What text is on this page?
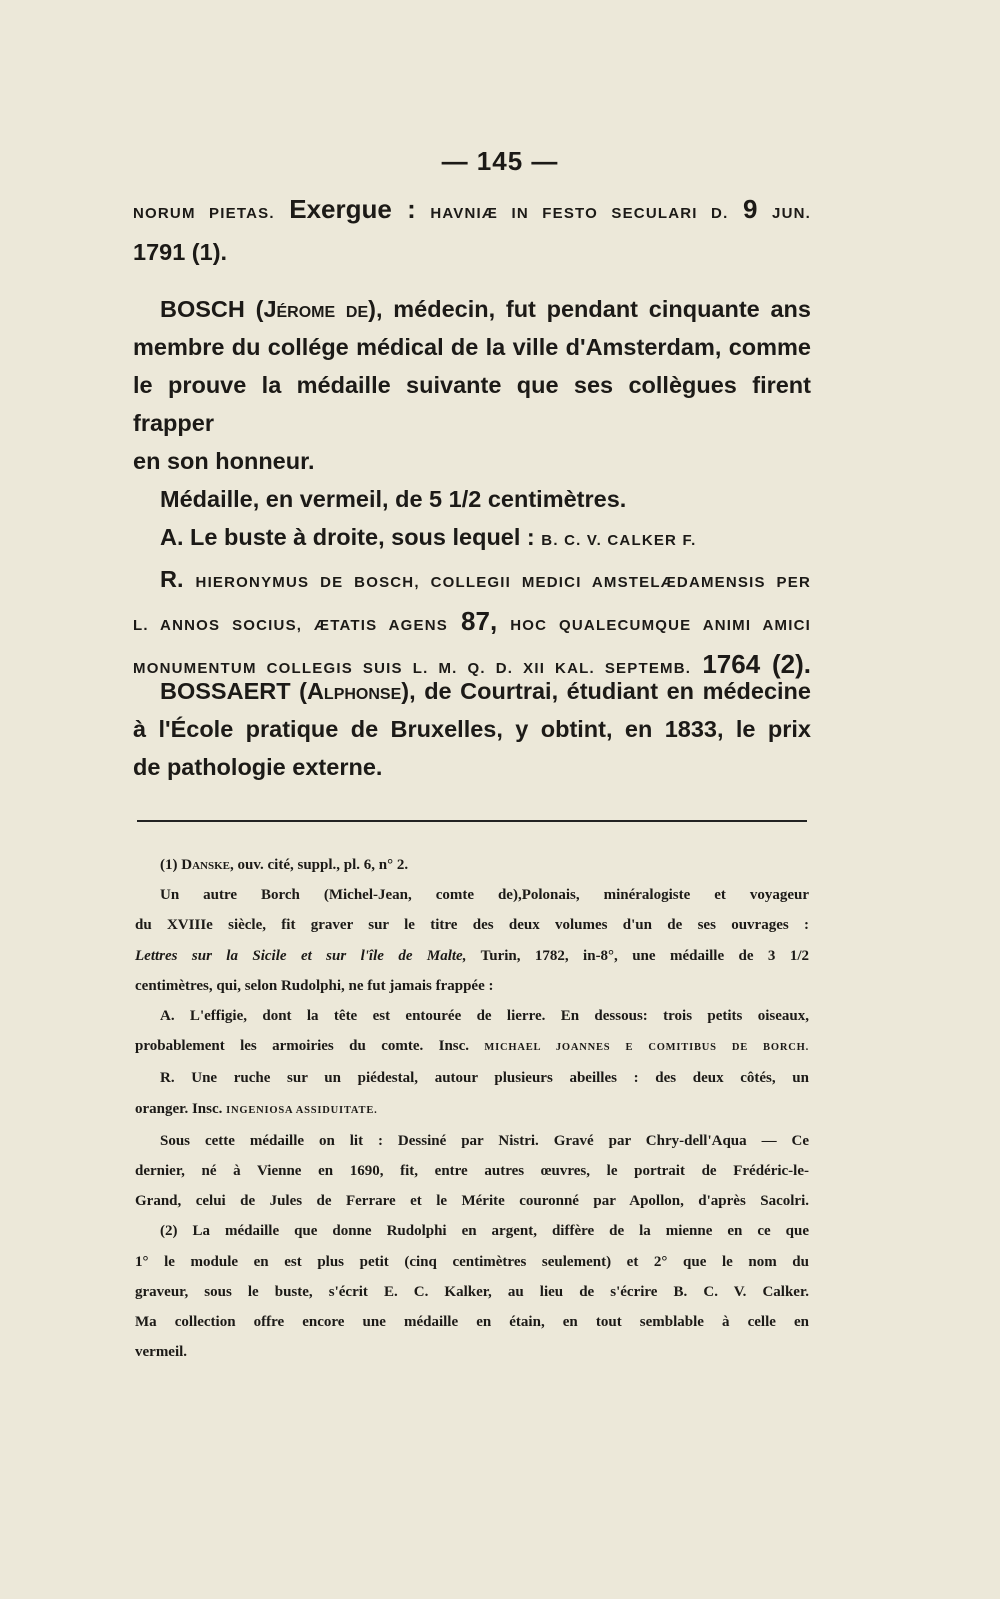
— 145 —

NORUM PIETAS. Exergue : HAVNIÆ IN FESTO SECULARI D. 9 JUN.

1791 (1).

BOSCH (Jérome de), médecin, fut pendant cinquante ans

membre du collége médical de la ville d'Amsterdam, comme

le prouve la médaille suivante que ses collègues firent frapper

en son honneur.

Médaille, en vermeil, de 5 1/2 centimètres.

A. Le buste à droite, sous lequel : B. C. V. CALKER F.

R. HIERONYMUS DE BOSCH, COLLEGII MEDICI AMSTELÆDAMENSIS PER

L. ANNOS SOCIUS, ÆTATIS AGENS 87, HOC QUALECUMQUE ANIMI AMICI

MONUMENTUM COLLEGIS SUIS L. M. Q. D. XII KAL. SEPTEMB. 1764 (2).

BOSSAERT (Alphonse), de Courtrai, étudiant en médecine

à l'École pratique de Bruxelles, y obtint, en 1833, le prix

de pathologie externe.

(1) Danske, ouv. cité, suppl., pl. 6, n° 2.

Un autre Borch (Michel-Jean, comte de),Polonais, minéralogiste et voyageur

du XVIIIe siècle, fit graver sur le titre des deux volumes d'un de ses ouvrages :

Lettres sur la Sicile et sur l'île de Malte, Turin, 1782, in-8°, une médaille de 3 1/2

centimètres, qui, selon Rudolphi, ne fut jamais frappée :

A. L'effigie, dont la tête est entourée de lierre. En dessous: trois petits oiseaux,

probablement les armoiries du comte. Insc. MICHAEL JOANNES E COMITIBUS DE BORCH.

R. Une ruche sur un piédestal, autour plusieurs abeilles : des deux côtés, un

oranger. Insc. INGENIOSA ASSIDUITATE.

Sous cette médaille on lit : Dessiné par Nistri. Gravé par Chry-dell'Aqua — Ce

dernier, né à Vienne en 1690, fit, entre autres œuvres, le portrait de Frédéric-le-

Grand, celui de Jules de Ferrare et le Mérite couronné par Apollon, d'après Sacolri.

(2) La médaille que donne Rudolphi en argent, diffère de la mienne en ce que

1° le module en est plus petit (cinq centimètres seulement) et 2° que le nom du

graveur, sous le buste, s'écrit E. C. Kalker, au lieu de s'écrire B. C. V. Calker.

Ma collection offre encore une médaille en étain, en tout semblable à celle en

vermeil.
